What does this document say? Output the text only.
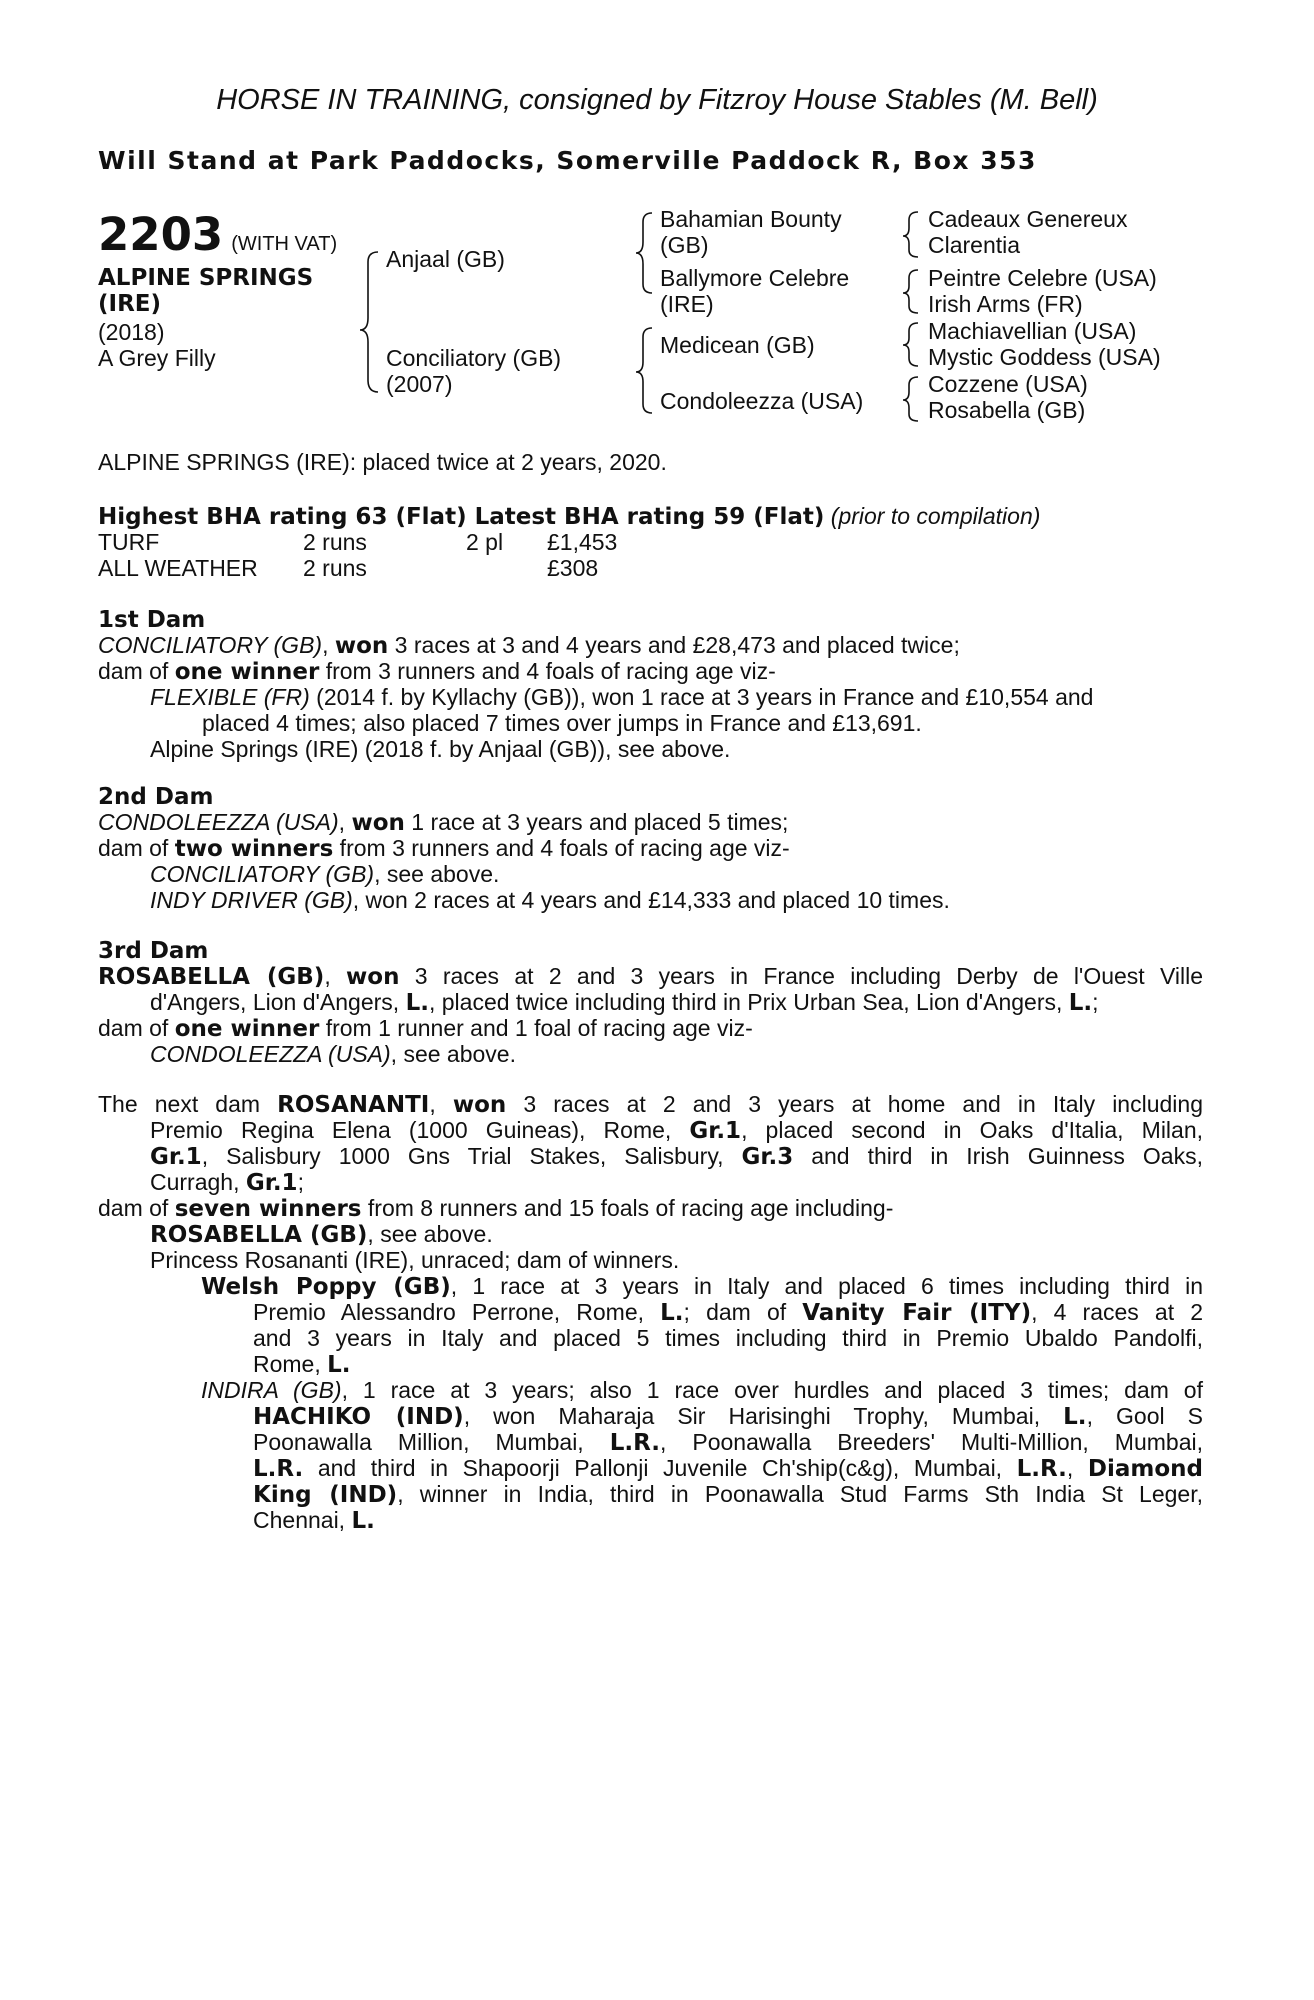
HORSE IN TRAINING, consigned by Fitzroy House Stables (M. Bell)
Will Stand at Park Paddocks, Somerville Paddock R, Box 353
2203 (WITH VAT)
ALPINE SPRINGS
(IRE)
(2018)
A Grey Filly
Anjaal (GB)
Conciliatory (GB)
(2007)
Bahamian Bounty
(GB)
Ballymore Celebre
(IRE)
Medicean (GB)
Condoleezza (USA)
Cadeaux Genereux
Clarentia
Peintre Celebre (USA)
Irish Arms (FR)
Machiavellian (USA)
Mystic Goddess (USA)
Cozzene (USA)
Rosabella (GB)
ALPINE SPRINGS (IRE): placed twice at 2 years, 2020.
Highest BHA rating 63 (Flat) Latest BHA rating 59 (Flat) (prior to compilation)
TURF	2 runs	2 pl £1,453
ALL WEATHER 2 runs	£308
1st Dam
CONCILIATORY (GB), won 3 races at 3 and 4 years and £28,473 and placed twice;
dam of one winner from 3 runners and 4 foals of racing age viz-
FLEXIBLE (FR) (2014 f. by Kyllachy (GB)), won 1 race at 3 years in France and £10,554 and
placed 4 times; also placed 7 times over jumps in France and £13,691.
Alpine Springs (IRE) (2018 f. by Anjaal (GB)), see above.
2nd Dam
CONDOLEEZZA (USA), won 1 race at 3 years and placed 5 times;
dam of two winners from 3 runners and 4 foals of racing age viz-
CONCILIATORY (GB), see above.
INDY DRIVER (GB), won 2 races at 4 years and £14,333 and placed 10 times.
3rd Dam
ROSABELLA (GB), won 3 races at 2 and 3 years in France including Derby de l'Ouest Ville
d'Angers, Lion d'Angers, L., placed twice including third in Prix Urban Sea, Lion d'Angers, L.;
dam of one winner from 1 runner and 1 foal of racing age viz-
CONDOLEEZZA (USA), see above.
The next dam ROSANANTI, won 3 races at 2 and 3 years at home and in Italy including
Premio Regina Elena (1000 Guineas), Rome, Gr.1, placed second in Oaks d'Italia, Milan,
Gr.1, Salisbury 1000 Gns Trial Stakes, Salisbury, Gr.3 and third in Irish Guinness Oaks,
Curragh, Gr.1;
dam of seven winners from 8 runners and 15 foals of racing age including-
ROSABELLA (GB), see above.
Princess Rosananti (IRE), unraced; dam of winners.
Welsh Poppy (GB), 1 race at 3 years in Italy and placed 6 times including third in
Premio Alessandro Perrone, Rome, L.; dam of Vanity Fair (ITY), 4 races at 2
and 3 years in Italy and placed 5 times including third in Premio Ubaldo Pandolfi,
Rome, L.
INDIRA (GB), 1 race at 3 years; also 1 race over hurdles and placed 3 times; dam of
HACHIKO (IND), won Maharaja Sir Harisinghi Trophy, Mumbai, L., Gool S
Poonawalla Million, Mumbai, L.R., Poonawalla Breeders' Multi-Million, Mumbai,
L.R. and third in Shapoorji Pallonji Juvenile Ch'ship(c&g), Mumbai, L.R., Diamond
King (IND), winner in India, third in Poonawalla Stud Farms Sth India St Leger,
Chennai, L.
